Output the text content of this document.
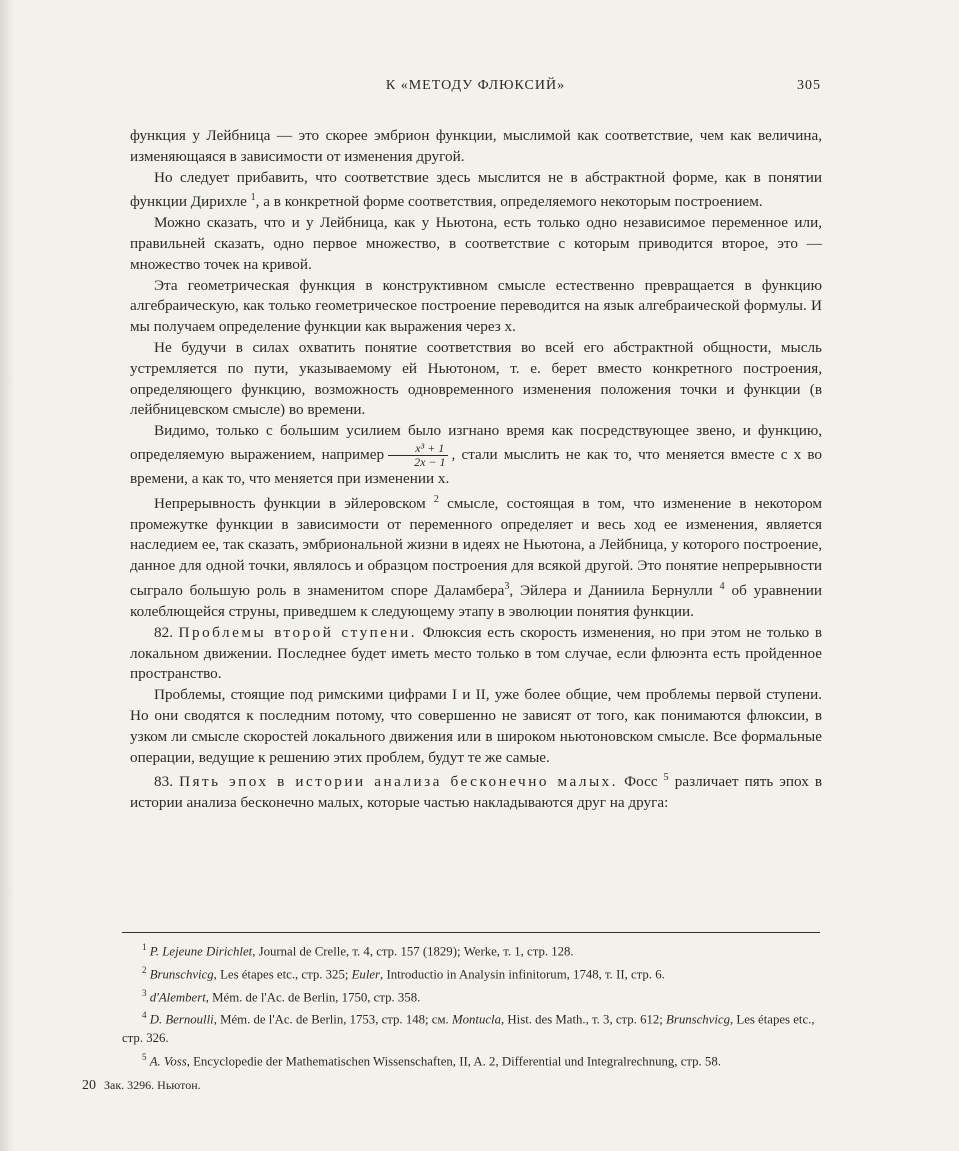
К «МЕТОДУ ФЛЮКСИЙ»	305

функция у Лейбница — это скорее эмбрион функции, мыслимой как соответствие, чем как величина, изменяющаяся в зависимости от изменения другой.

Но следует прибавить, что соответствие здесь мыслится не в абстрактной форме, как в понятии функции Дирихле $^1$, а в конкретной форме соответствия, определяемого некоторым построением.

Можно сказать, что и у Лейбница, как у Ньютона, есть только одно независимое переменное или, правильней сказать, одно первое множество, в соответствие с которым приводится второе, это — множество точек на кривой.

Эта геометрическая функция в конструктивном смысле естественно превращается в функцию алгебраическую, как только геометрическое построение переводится на язык алгебраической формулы. И мы получаем определение функции как выражения через x.

Не будучи в силах охватить понятие соответствия во всей его абстрактной общности, мысль устремляется по пути, указываемому ей Ньютоном, т. е. берет вместо конкретного построения, определяющего функцию, возможность одновременного изменения положения точки и функции (в лейбницевском смысле) во времени.

Видимо, только с большим усилием было изгнано время как посредствующее звено, и функцию, определяемую выражением, например $\frac{\text{x³ + 1}}{2x - 1}$ , стали мыслить не как то, что меняется вместе с x во времени, а как то, что меняется при изменении x.

Непрерывность функции в эйлеровском $^2$ смысле, состоящая в том, что изменение в некотором промежутке функции в зависимости от переменного определяет и весь ход ее изменения, является наследием ее, так сказать, эмбриональной жизни в идеях не Ньютона, а Лейбница, у которого построение, данное для одной точки, являлось и образцом построения для всякой другой. Это понятие непрерывности сыграло большую роль в знаменитом споре Даламбера$^3$, Эйлера и Даниила Бернулли $^4$ об уравнении колеблющейся струны, приведшем к следующему этапу в эволюции понятия функции.

82. Проблемы второй ступени. Флюксия есть скорость изменения, но при этом не только в локальном движении. Последнее будет иметь место только в том случае, если флюэнта есть пройденное пространство.

Проблемы, стоящие под римскими цифрами I и II, уже более общие, чем проблемы первой ступени. Но они сводятся к последним потому, что совершенно не зависят от того, как понимаются флюксии, в узком ли смысле скоростей локального движения или в широком ньютоновском смысле. Все формальные операции, ведущие к решению этих проблем, будут те же самые.

83. Пять эпох в истории анализа бесконечно малых. Фосс $^5$ различает пять эпох в истории анализа бесконечно малых, которые частью накладываются друг на друга:

$^1$ P. Lejeune Dirichlet, Journal de Crelle, т. 4, стр. 157 (1829); Werke, т. 1, стр. 128.

$^2$ Brunschvicg, Les étapes etc., стр. 325; Euler, Introductio in Analysin infinitorum, 1748, т. II, стр. 6.

$^3$ d'Alembert, Mém. de l'Ac. de Berlin, 1750, стр. 358.

$^4$ D. Bernoulli, Mém. de l'Ac. de Berlin, 1753, стр. 148; см. Montucla, Hist. des Math., т. 3, стр. 612; Brunschvicg, Les étapes etc., стр. 326.

$^5$ A. Voss, Encyclopedie der Mathematischen Wissenschaften, II, A. 2, Differential und Integralrechnung, стр. 58.

20 Зак. 3296. Ньютон.
